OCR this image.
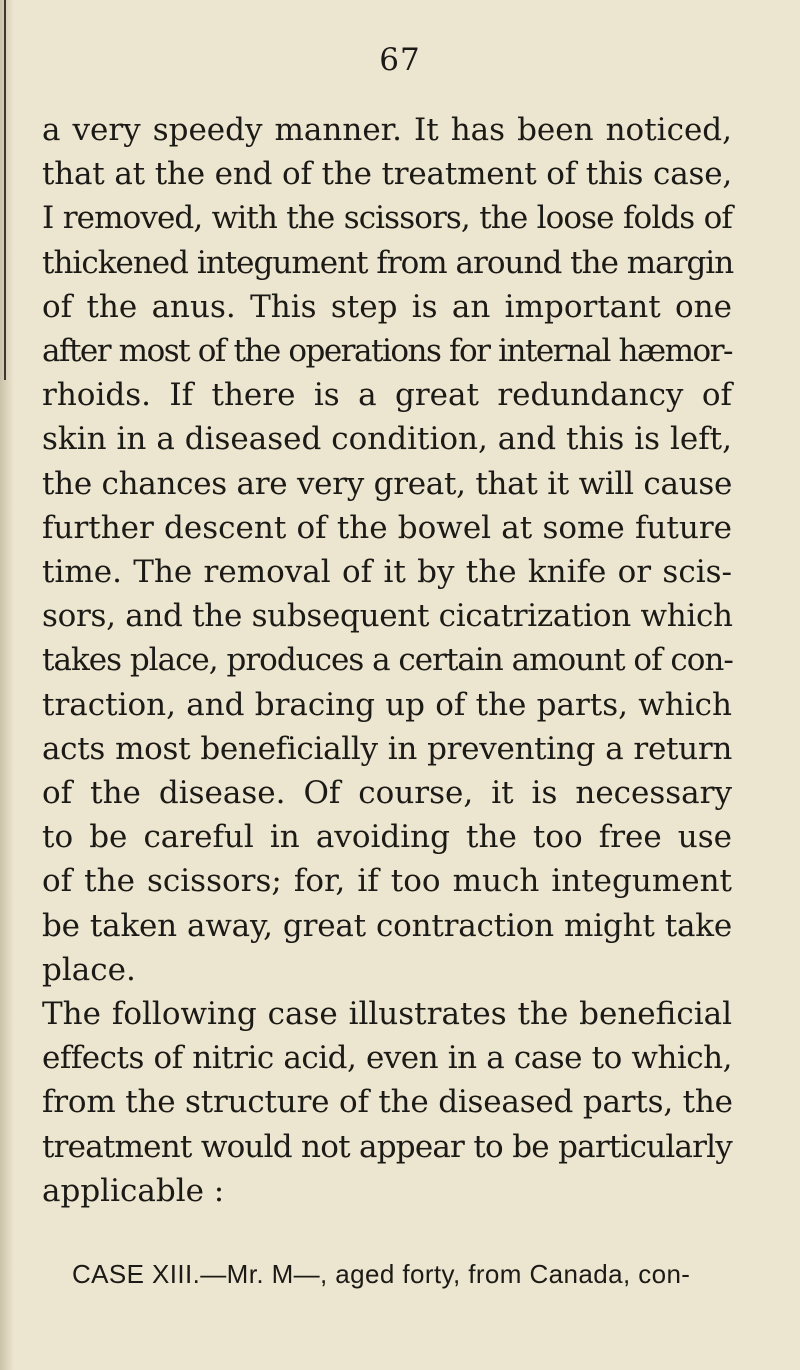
67
a very speedy manner. It has been noticed,
that at the end of the treatment of this case,
I removed, with the scissors, the loose folds of
thickened integument from around the margin
of the anus. This step is an important one
after most of the operations for internal hæmor-
rhoids. If there is a great redundancy of
skin in a diseased condition, and this is left,
the chances are very great, that it will cause
further descent of the bowel at some future
time. The removal of it by the knife or scis-
sors, and the subsequent cicatrization which
takes place, produces a certain amount of con-
traction, and bracing up of the parts, which
acts most beneficially in preventing a return
of the disease. Of course, it is necessary
to be careful in avoiding the too free use
of the scissors; for, if too much integument
be taken away, great contraction might take
place.
The following case illustrates the beneficial
effects of nitric acid, even in a case to which,
from the structure of the diseased parts, the
treatment would not appear to be particularly
applicable :
CASE XIII.—Mr. M—, aged forty, from Canada, con-
